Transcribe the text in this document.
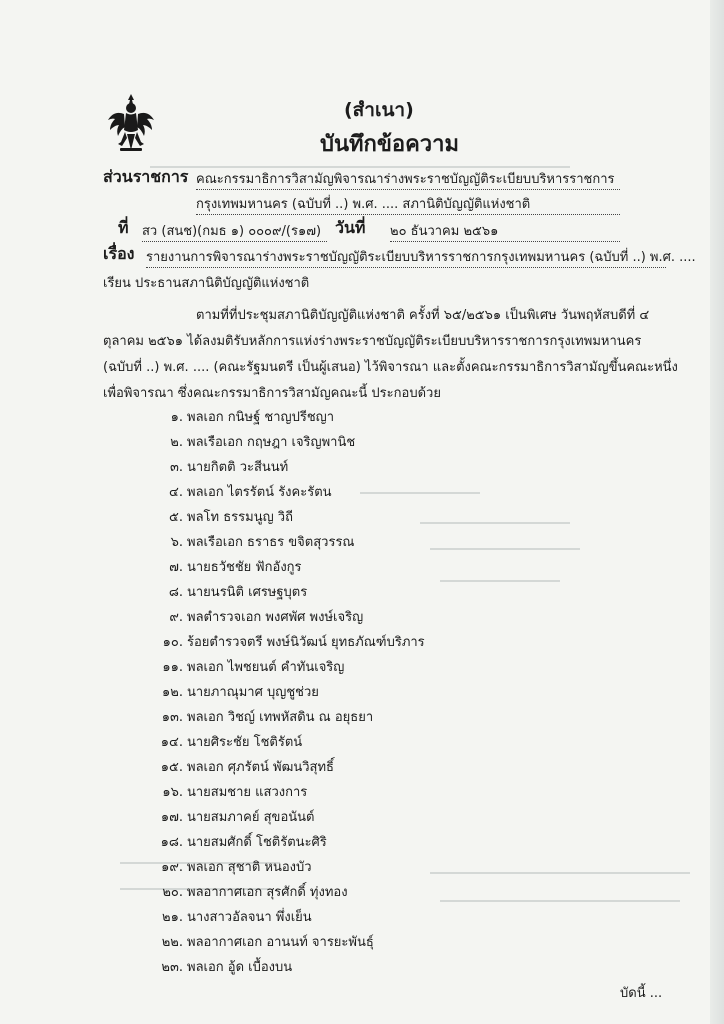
(สำเนา)
บันทึกข้อความ
ส่วนราชการ คณะกรรมาธิการวิสามัญพิจารณาร่างพระราชบัญญัติระเบียบบริหารราชการ
กรุงเทพมหานคร (ฉบับที่ ..) พ.ศ. .... สภานิติบัญญัติแห่งชาติ
ที่ สว (สนช)(กมธ ๑) ๐๐๐๙/(ร๑๗) วันที่ ๒๐ ธันวาคม ๒๕๖๑
เรื่อง รายงานการพิจารณาร่างพระราชบัญญัติระเบียบบริหารราชการกรุงเทพมหานคร (ฉบับที่ ..) พ.ศ. ....
เรียน ประธานสภานิติบัญญัติแห่งชาติ
ตามที่ที่ประชุมสภานิติบัญญัติแห่งชาติ ครั้งที่ ๖๕/๒๕๖๑ เป็นพิเศษ วันพฤหัสบดีที่ ๔
ตุลาคม ๒๕๖๑ ได้ลงมติรับหลักการแห่งร่างพระราชบัญญัติระเบียบบริหารราชการกรุงเทพมหานคร
(ฉบับที่ ..) พ.ศ. .... (คณะรัฐมนตรี เป็นผู้เสนอ) ไว้พิจารณา และตั้งคณะกรรมาธิการวิสามัญขึ้นคณะหนึ่ง
เพื่อพิจารณา ซึ่งคณะกรรมาธิการวิสามัญคณะนี้ ประกอบด้วย
๑. พลเอก กนิษฐ์ ชาญปรีชญา
๒. พลเรือเอก กฤษฎา เจริญพานิช
๓. นายกิตติ วะสีนนท์
๔. พลเอก ไตรรัตน์ รังคะรัตน
๕. พลโท ธรรมนูญ วิถี
๖. พลเรือเอก ธราธร ขจิตสุวรรณ
๗. นายธวัชชัย ฟักอังกูร
๘. นายนรนิติ เศรษฐบุตร
๙. พลตำรวจเอก พงศพัศ พงษ์เจริญ
๑๐. ร้อยตำรวจตรี พงษ์นิวัฒน์ ยุทธภัณฑ์บริภาร
๑๑. พลเอก ไพชยนต์ คำทันเจริญ
๑๒. นายภาณุมาศ บุญชูช่วย
๑๓. พลเอก วิชญ์ เทพหัสดิน ณ อยุธยา
๑๔. นายศิระชัย โชติรัตน์
๑๕. พลเอก ศุภรัตน์ พัฒนวิสุทธิ์
๑๖. นายสมชาย แสวงการ
๑๗. นายสมภาคย์ สุขอนันต์
๑๘. นายสมศักดิ์ โชติรัตนะศิริ
๑๙. พลเอก สุชาติ หนองบัว
๒๐. พลอากาศเอก สุรศักดิ์ ทุ่งทอง
๒๑. นางสาวอัลจนา พึ่งเย็น
๒๒. พลอากาศเอก อานนท์ จารยะพันธุ์
๒๓. พลเอก อู้ด เบื้องบน
บัดนี้ ...
